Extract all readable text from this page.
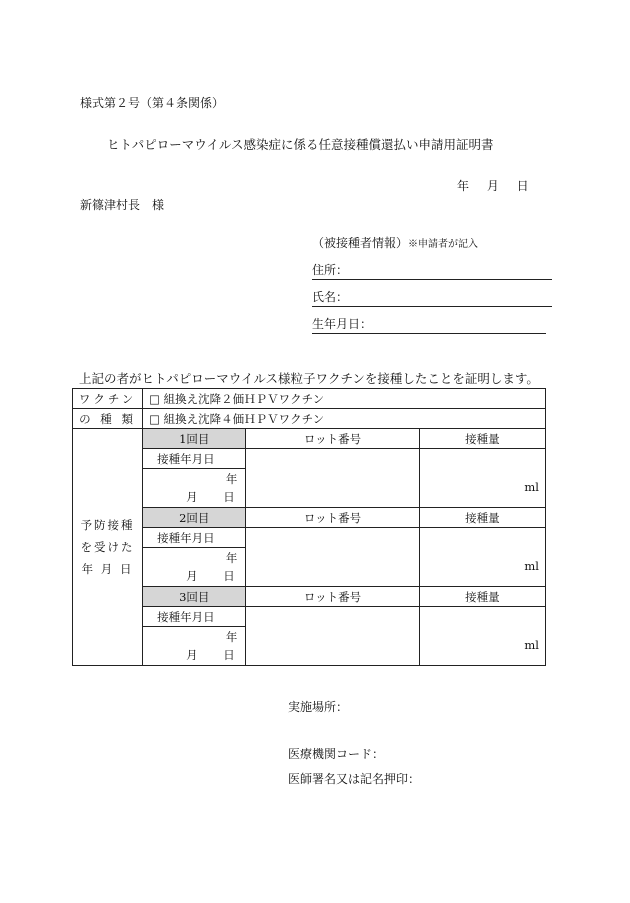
様式第２号（第４条関係）
ヒトパピローマウイルス感染症に係る任意接種償還払い申請用証明書
年 月 日
新篠津村長　様
（被接種者情報）※申請者が記入
住所：
氏名：
生年月日：
上記の者がヒトパピローマウイルス様粒子ワクチンを接種したことを証明します。
ワクチン	□ 組換え沈降２価ＨＰＶワクチン		
の 種 類	□ 組換え沈降４価ＨＰＶワクチン		

予防接種
を受けた
年 月 日	1回目	ロット番号	接種量
	接種年月日		

	年
月 日		ml

	2回目	ロット番号	接種量
	接種年月日		

	年
月 日		ml

	3回目	ロット番号	接種量
	接種年月日		

	年
月 日		ml
実施場所：
医療機関コード：
医師署名又は記名押印：
